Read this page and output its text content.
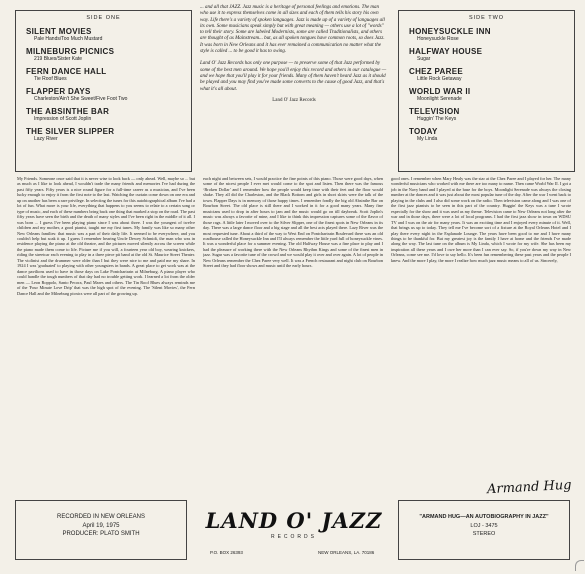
SIDE ONE
SILENT MOVIES
Pale Hands/Too Much Mustard
MILNEBURG PICNICS
219 Blues/Sister Kate
FERN DANCE HALL
Tie Roof Blues
FLAPPER DAYS
Charleston/Ain't She Sweet/Five Foot Two
THE ABSINTHE BAR
Impression of Scott Joplin
THE SILVER SLIPPER
Lazy River
... and all that JAZZ. Jazz music is a heritage of personal feelings and emotions. The man who use it to express themselves come in all sizes and each of them tells his story his own way. Life there's a variety of spoken languages. Jazz is made up of a variety of languages all its own. Some musicians speak simply but with great meaning — others use a lot of "words" to tell their story. Some are labeled Modernists, some are called Traditionalists, and others are thought of as Mainstream... but, as all spoken tongues have common roots, so does Jazz. It was born in New Orleans and it has ever remained a communication no matter what the style is called ... to be good it has to swing.
Land O' Jazz Records has only one purpose — to preserve some of that Jazz performed by some of the best men around. We hope you'll enjoy this record and others in our catalogue — and we hope that you'll play it for your friends. Many of them haven't heard Jazz as it should be played and you may find you've made some converts to the cause of good Jazz, and that's what it's all about.
Land O' Jazz Records
SIDE TWO
HONEYSUCKLE INN
Honeysuckle Rose
HALFWAY HOUSE
Sugar
CHEZ PAREE
Little Rock Getaway
WORLD WAR II
Moonlight Serenade
TELEVISION
Huggin' The Keys
TODAY
My Linda
My Friends. Someone once said that it is never wise to look back — only ahead. Well, maybe so ... but as much as I like to look ahead, I wouldn't trade the many friends and memories I've had during the past fifty years. Fifty years is a nice round figure for a full-time career as a musician, and I've been lucky enough to enjoy it from the first note to the last. Watching the curtain come down on one era and up on another has been a rare privilege. In selecting the tunes for this autobiographical album I've had a lot of fun. What more is your life, everything that happens to you seems to relate to a certain song or type of music, and each of these numbers bring back one thing that marked a stop on the road. The past fifty years have seen the birth and the death of many styles and I've been right in the middle of it all. I was born ... I guess I've been playing piano since I was about three. I was the youngest of twelve children and my mother, a good pianist, taught me my first tunes. My family was like so many other New Orleans families: that music was a part of their daily life. It seemed to be everywhere, and you couldn't help but soak it up. I guess I remember hearing Uncle Dewey Schmidt, the man who was in residence playing the piano at the old theatre, and the pictures moved silently across the screen while the piano made them come to life. Picture me if you will, a fourteen year old boy, wearing knickers, riding the streetcar each evening to play in a three piece pit band at the old St. Maurice Street Theater. The violinist and the drummer were older than I but they were nice to me and paid me my share. In 1924 I was 'graduated' to playing with other youngsters in bands. A great place to get work was at the dance pavilions used to have in those days on Lake Pontchartrain at Milneburg. A piano player who could handle the tough numbers of that day had no trouble getting work. I learned a lot from the older men — Leon Roppolo, Santo Pecora, Paul Mares and others. The Tin Roof Blues always reminds me of the 'Four Minute Love Drip' that was the high spot of the evening. The 'Silent Movies', the Fern Dance Hall and the Milneburg picnics were all part of the growing up.
each night and between sets, I would practice the fine points of this piano. Those were good days, when some of the nicest people I ever met would come to the spot and listen. Then there was the famous ‘Broken Dollar’ and I remember how the people would keep time with their feet and the floor would shake. They all did the Charleston, and the Black Bottom and girls in short skirts were the talk of the town. Flapper Days is in memory of those happy times. I remember fondly the big old Absinthe Bar on Bourbon Street. The old place is still there and I worked in it for a good many years. Many fine musicians used to drop in after hours to jam and the music would go on till daybreak. Scott Joplin's music was always a favorite of mine, and I like to think this impression captures some of the flavor of those rags. A little later I moved over to the Silver Slipper, one of the finest spots in New Orleans in its day. There was a large dance floor and a big stage and all the best acts played there. Lazy River was the most requested tune. About a third of the way to West End on Pontchartrain Boulevard there was an old roadhouse called the Honeysuckle Inn and I'll always remember the little yard full of honeysuckle vines. It was a wonderful place for a summer evening. The old Halfway House was a fine place to play and I had the pleasure of working there with the New Orleans Rhythm Kings and some of the finest men in jazz. Sugar was a favorite tune of the crowd and we would play it over and over again. A lot of people in New Orleans remember the Chez Paree very well. It was a French restaurant and night club on Bourbon Street and they had floor shows and music until the early hours.
good ones. I remember when Mary Healy was the star at the Chez Paree and I played for her. The many wonderful musicians who worked with me there are too many to name. Then came World War II. I got a job in the Navy band and I played at the base for the boys. Moonlight Serenade was always the closing number at the dances and it was just about the most popular tune of the day. After the war I went back to playing in the clubs and I also did some work on the radio. Then television came along and I was one of the first jazz pianists to be seen in this part of the country. Huggin' the Keys was a tune I wrote especially for the show and it was used as my theme. Television came to New Orleans not long after the war and in those days, there were a lot of local programs. I had the first jazz show in town on WDSU TV and I was on the air for many years. It was an exciting time and I enjoyed every minute of it. Well, that brings us up to today. They tell me I've become sort of a fixture at the Royal Orleans Hotel and I play there every night in the Esplanade Lounge. The years have been good to me and I have many things to be thankful for. But my greatest joy is the family I have at home and the friends I've made along the way. The last tune on the album is My Linda, which I wrote for my wife. She has been my inspiration all these years and I owe her more than I can ever say. So, if you're down my way in New Orleans, come see me. I'd love to say hello. It's been fun remembering these past years and the people I knew. And the more I play, the more I realize how much jazz music means to all of us. Sincerely,
Armand Hug
RECORDED IN NEW ORLEANS
April 19, 1975
PRODUCER: PLATO SMITH
LAND O' JAZZ
RECORDS
P.O. BOX 26393	NEW ORLEANS, LA. 70186
"ARMAND HUG—AN AUTOBIOGRAPHY IN JAZZ"
LOJ - 3475
STEREO
